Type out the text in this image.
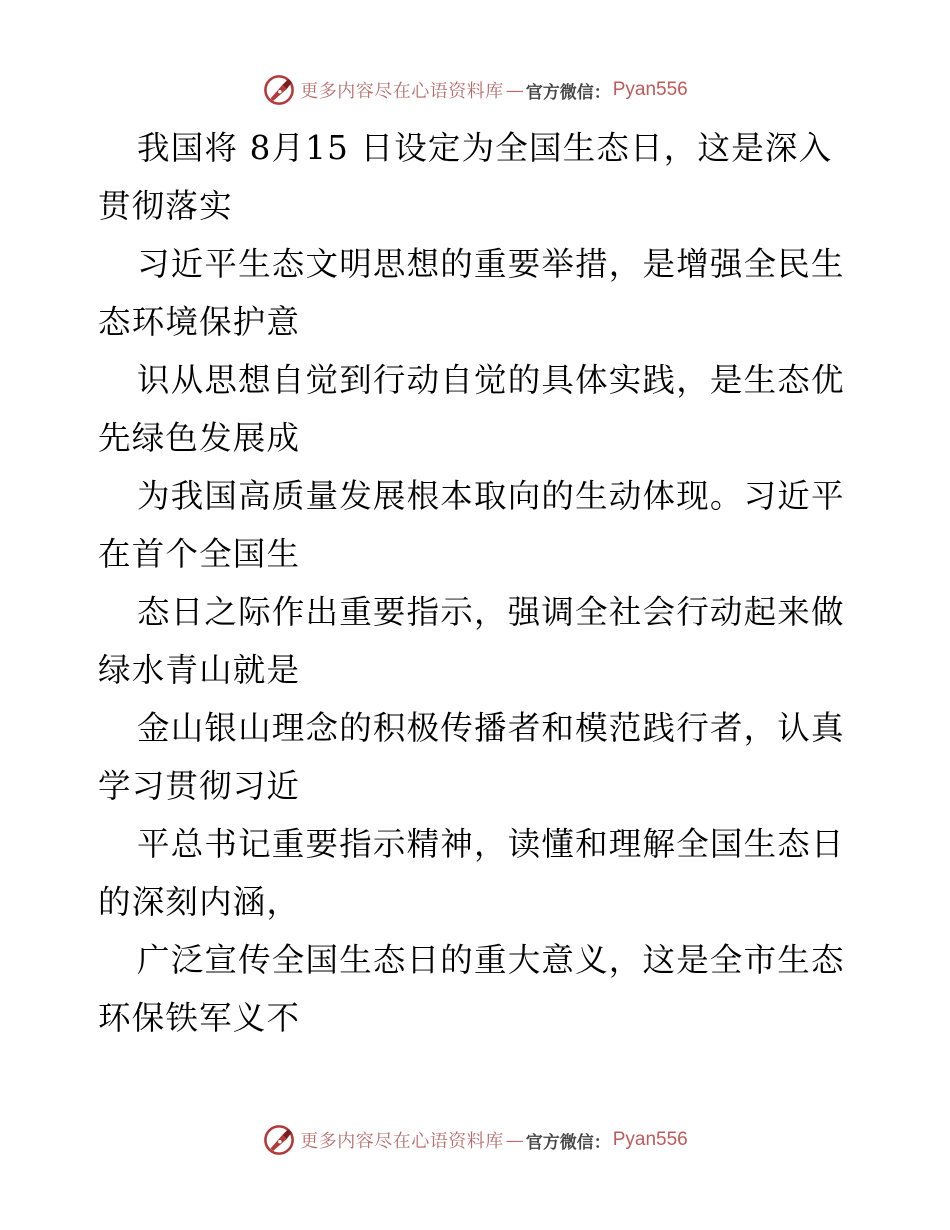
更多内容尽在心语资料库 — 官方微信： Pyan556

我国将 8月15 日设定为全国生态日，这是深入贯彻落实

习近平生态文明思想的重要举措，是增强全民生态环境保护意

识从思想自觉到行动自觉的具体实践，是生态优先绿色发展成

为我国高质量发展根本取向的生动体现。习近平在首个全国生

态日之际作出重要指示，强调全社会行动起来做绿水青山就是

金山银山理念的积极传播者和模范践行者，认真学习贯彻习近

平总书记重要指示精神，读懂和理解全国生态日的深刻内涵，

广泛宣传全国生态日的重大意义，这是全市生态环保铁军义不

更多内容尽在心语资料库 — 官方微信： Pyan556
